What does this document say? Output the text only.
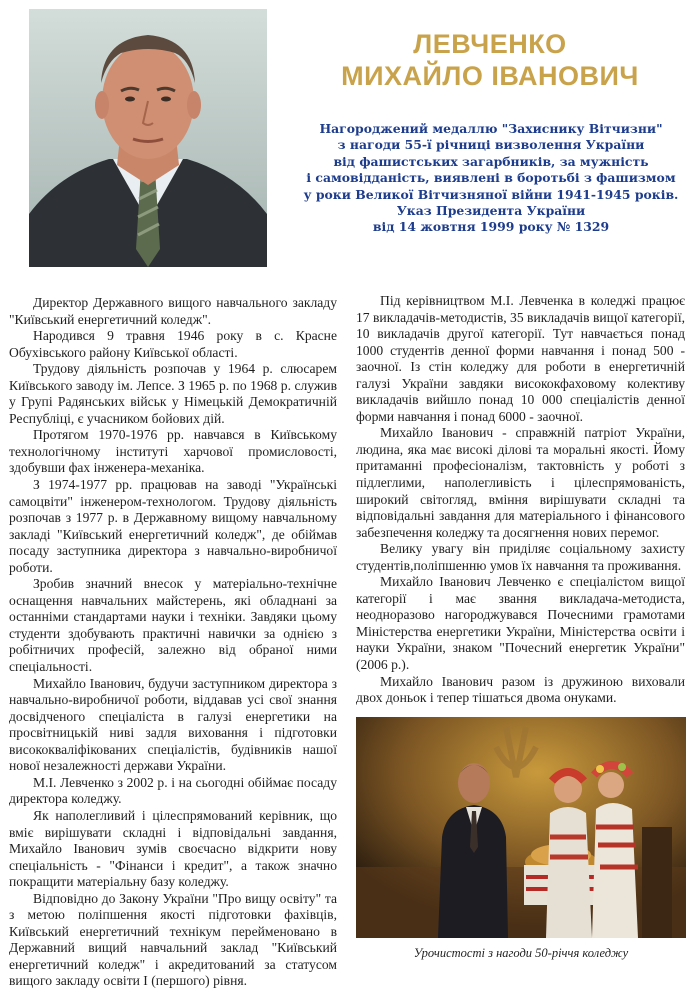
ЛЕВЧЕНКО
МИХАЙЛО ІВАНОВИЧ
Нагороджений медаллю "Захиснику Вітчизни"
з нагоди 55-ї річниці визволення України
від фашистських загарбників, за мужність
і самовідданість, виявлені в боротьбі з фашизмом
у роки Великої Вітчизняної війни 1941-1945 років.
Указ Президента України
від 14 жовтня 1999 року № 1329

Директор Державного вищого навчального закладу "Київський енергетичний коледж".

Народився 9 травня 1946 року в с. Красне Обухівського району Київської області.

Трудову діяльність розпочав у 1964 р. слюсарем Київського заводу ім. Лепсе. З 1965 р. по 1968 р. служив у Групі Радянських військ у Німецькій Демократичній Республіці, є учасником бойових дій.

Протягом 1970-1976 рр. навчався в Київському технологічному інституті харчової промисловості, здобувши фах інженера-механіка.

З 1974-1977 рр. працював на заводі "Українські самоцвіти" інженером-технологом. Трудову діяльність розпочав з 1977 р. в Державному вищому навчальному закладі "Київський енергетичний коледж", де обіймав посаду заступника директора з навчально-виробничої роботи.

Зробив значний внесок у матеріально-технічне оснащення навчальних майстерень, які обладнані за останніми стандартами науки і техніки. Завдяки цьому студенти здобувають практичні навички за однією з робітничих професій, залежно від обраної ними спеціальності.

Михайло Іванович, будучи заступником директора з навчально-виробничої роботи, віддавав усі свої знання досвідченого спеціаліста в галузі енергетики на просвітницькій ниві задля виховання і підготовки висококваліфікованих спеціалістів, будівників нашої нової незалежності держави України.

М.І. Левченко з 2002 р. і на сьогодні обіймає посаду директора коледжу.

Як наполегливий і цілеспрямований керівник, що вміє вирішувати складні і відповідальні завдання, Михайло Іванович зумів своєчасно відкрити нову спеціальність - "Фінанси і кредит", а також значно покращити матеріальну базу коледжу.

Відповідно до Закону України "Про вищу освіту" та з метою поліпшення якості підготовки фахівців, Київський енергетичний технікум перейменовано в Державний вищий навчальний заклад "Київський енергетичний коледж" і акредитований за статусом вищого закладу освіти І (першого) рівня.

Під керівництвом М.І. Левченка в коледжі працює 17 викладачів-методистів, 35 викладачів вищої категорії, 10 викладачів другої категорії. Тут навчається понад 1000 студентів денної форми навчання і понад 500 - заочної. Із стін коледжу для роботи в енергетичній галузі України завдяки висококфаховому колективу викладачів вийшло понад 10 000 спеціалістів денної форми навчання і понад 6000 - заочної.

Михайло Іванович - справжній патріот України, людина, яка має високі ділові та моральні якості. Йому притаманні професіоналізм, тактовність у роботі з підлеглими, наполегливість і цілеспрямованість, широкий світогляд, вміння вирішувати складні та відповідальні завдання для матеріального і фінансового забезпечення коледжу та досягнення нових перемог.

Велику увагу він приділяє соціальному захисту студентів,поліпшенню умов їх навчання та проживання.

Михайло Іванович Левченко є спеціалістом вищої категорії і має звання викладача-методиста, неодноразово нагороджувався Почесними грамотами Міністерства енергетики України, Міністерства освіти і науки України, знаком "Почесний енергетик України" (2006 р.).

Михайло Іванович разом із дружиною виховали двох доньок і тепер тішаться двома онуками.

Урочистості з нагоди 50-річчя коледжу
